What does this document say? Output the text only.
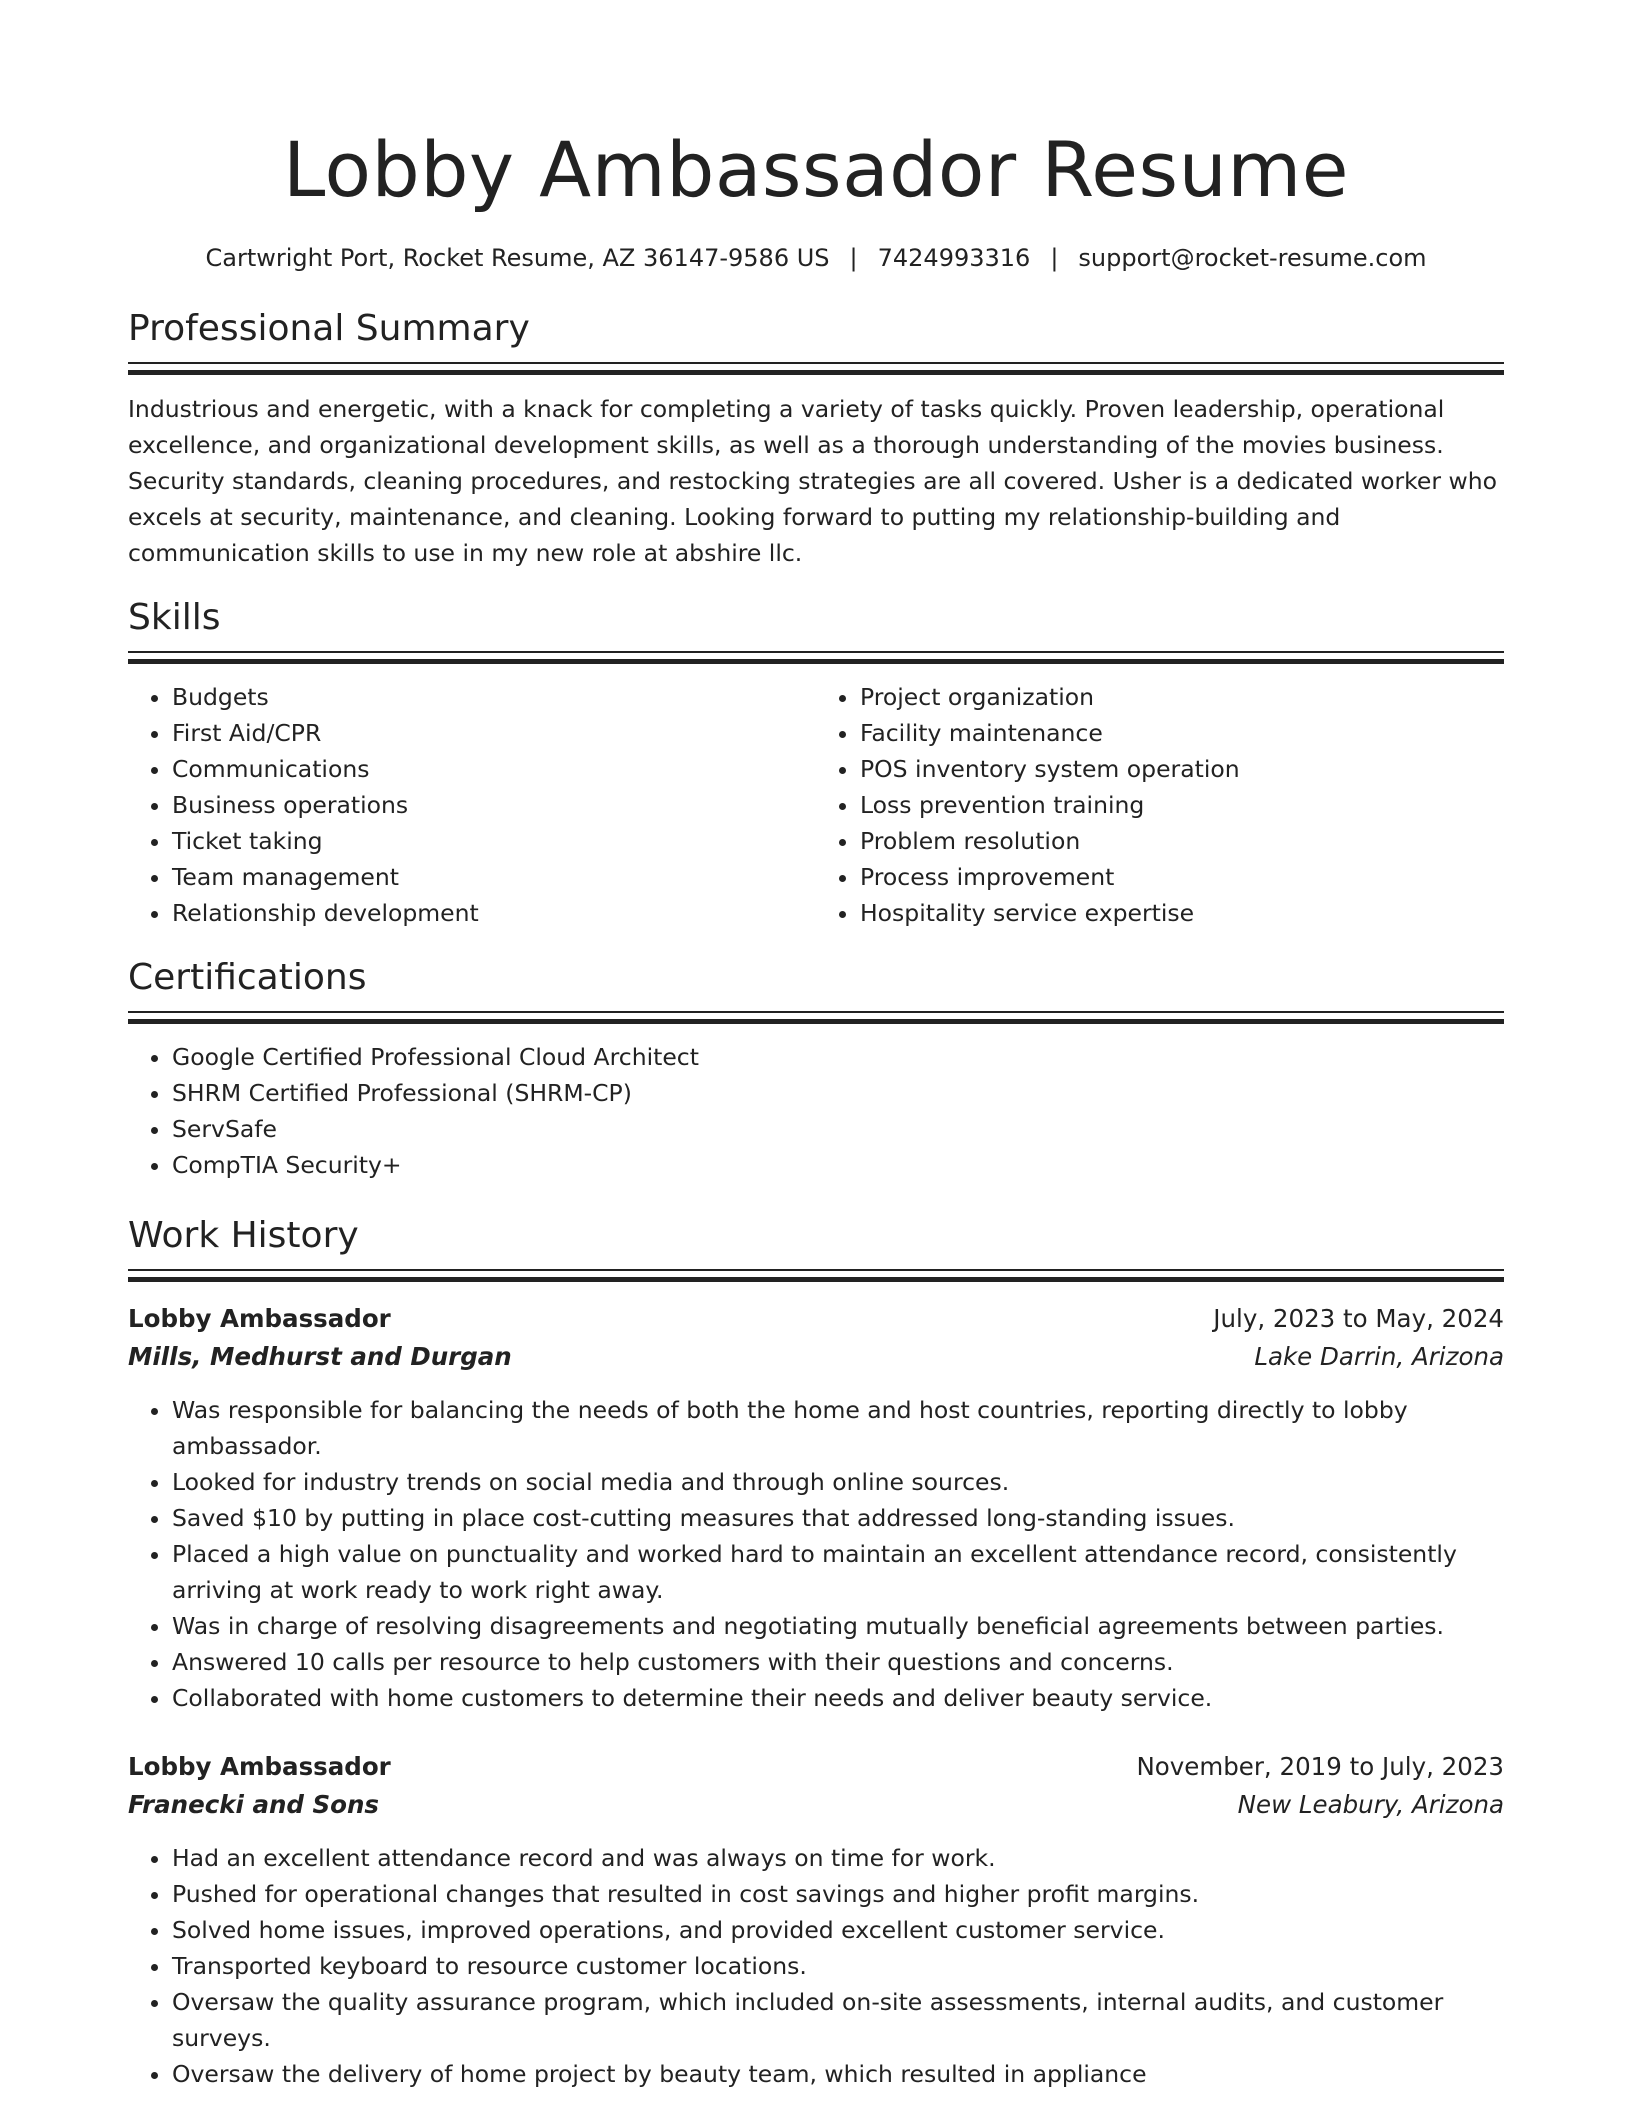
Lobby Ambassador Resume
Cartwright Port, Rocket Resume, AZ 36147-9586 US | 7424993316 | support@rocket-resume.com
Professional Summary

Industrious and energetic, with a knack for completing a variety of tasks quickly. Proven leadership, operational excellence, and organizational development skills, as well as a thorough understanding of the movies business. Security standards, cleaning procedures, and restocking strategies are all covered. Usher is a dedicated worker who excels at security, maintenance, and cleaning. Looking forward to putting my relationship-building and communication skills to use in my new role at abshire llc.

Skills
• Budgets
• First Aid/CPR
• Communications
• Business operations
• Ticket taking
• Team management
• Relationship development
• Project organization
• Facility maintenance
• POS inventory system operation
• Loss prevention training
• Problem resolution
• Process improvement
• Hospitality service expertise
Certifications
• Google Certified Professional Cloud Architect
• SHRM Certified Professional (SHRM-CP)
• ServSafe
• CompTIA Security+
Work History
Lobby Ambassador	July, 2023 to May, 2024
Mills, Medhurst and Durgan	Lake Darrin, Arizona
• Was responsible for balancing the needs of both the home and host countries, reporting directly to lobby ambassador.
• Looked for industry trends on social media and through online sources.
• Saved $10 by putting in place cost-cutting measures that addressed long-standing issues.
• Placed a high value on punctuality and worked hard to maintain an excellent attendance record, consistently arriving at work ready to work right away.
• Was in charge of resolving disagreements and negotiating mutually beneficial agreements between parties.
• Answered 10 calls per resource to help customers with their questions and concerns.
• Collaborated with home customers to determine their needs and deliver beauty service.
Lobby Ambassador	November, 2019 to July, 2023
Franecki and Sons	New Leabury, Arizona
• Had an excellent attendance record and was always on time for work.
• Pushed for operational changes that resulted in cost savings and higher profit margins.
• Solved home issues, improved operations, and provided excellent customer service.
• Transported keyboard to resource customer locations.
• Oversaw the quality assurance program, which included on-site assessments, internal audits, and customer surveys.
• Oversaw the delivery of home project by beauty team, which resulted in appliance
